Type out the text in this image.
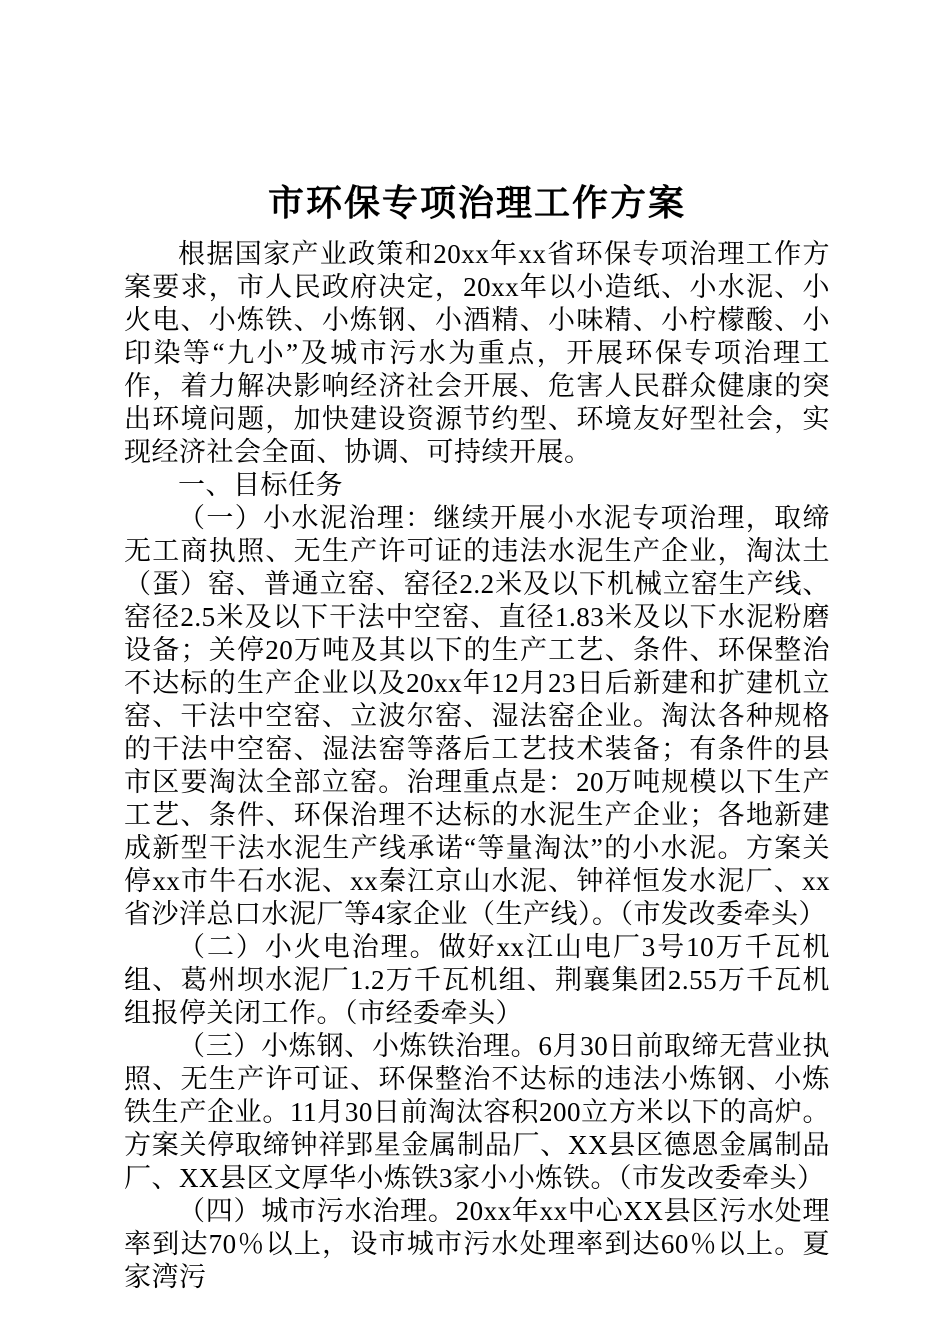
市环保专项治理工作方案

根据国家产业政策和20xx年xx省环保专项治理工作方案要求，市人民政府决定，20xx年以小造纸、小水泥、小火电、小炼铁、小炼钢、小酒精、小味精、小柠檬酸、小印染等“九小”及城市污水为重点，开展环保专项治理工作，着力解决影响经济社会开展、危害人民群众健康的突出环境问题，加快建设资源节约型、环境友好型社会，实现经济社会全面、协调、可持续开展。

一、目标任务

（一）小水泥治理：继续开展小水泥专项治理，取缔无工商执照、无生产许可证的违法水泥生产企业，淘汰土（蛋）窑、普通立窑、窑径2.2米及以下机械立窑生产线、窑径2.5米及以下干法中空窑、直径1.83米及以下水泥粉磨设备；关停20万吨及其以下的生产工艺、条件、环保整治不达标的生产企业以及20xx年12月23日后新建和扩建机立窑、干法中空窑、立波尔窑、湿法窑企业。淘汰各种规格的干法中空窑、湿法窑等落后工艺技术装备；有条件的县市区要淘汰全部立窑。治理重点是：20万吨规模以下生产工艺、条件、环保治理不达标的水泥生产企业；各地新建成新型干法水泥生产线承诺“等量淘汰”的小水泥。方案关停xx市牛石水泥、xx秦江京山水泥、钟祥恒发水泥厂、xx省沙洋总口水泥厂等4家企业（生产线）。（市发改委牵头）

（二）小火电治理。做好xx江山电厂3号10万千瓦机组、葛州坝水泥厂1.2万千瓦机组、荆襄集团2.55万千瓦机组报停关闭工作。（市经委牵头）

（三）小炼钢、小炼铁治理。6月30日前取缔无营业执照、无生产许可证、环保整治不达标的违法小炼钢、小炼铁生产企业。11月30日前淘汰容积200立方米以下的高炉。方案关停取缔钟祥郢星金属制品厂、XX县区德恩金属制品厂、XX县区文厚华小炼铁3家小小炼铁。（市发改委牵头）

（四）城市污水治理。20xx年xx中心XX县区污水处理率到达70％以上，设市城市污水处理率到达60％以上。夏家湾污
